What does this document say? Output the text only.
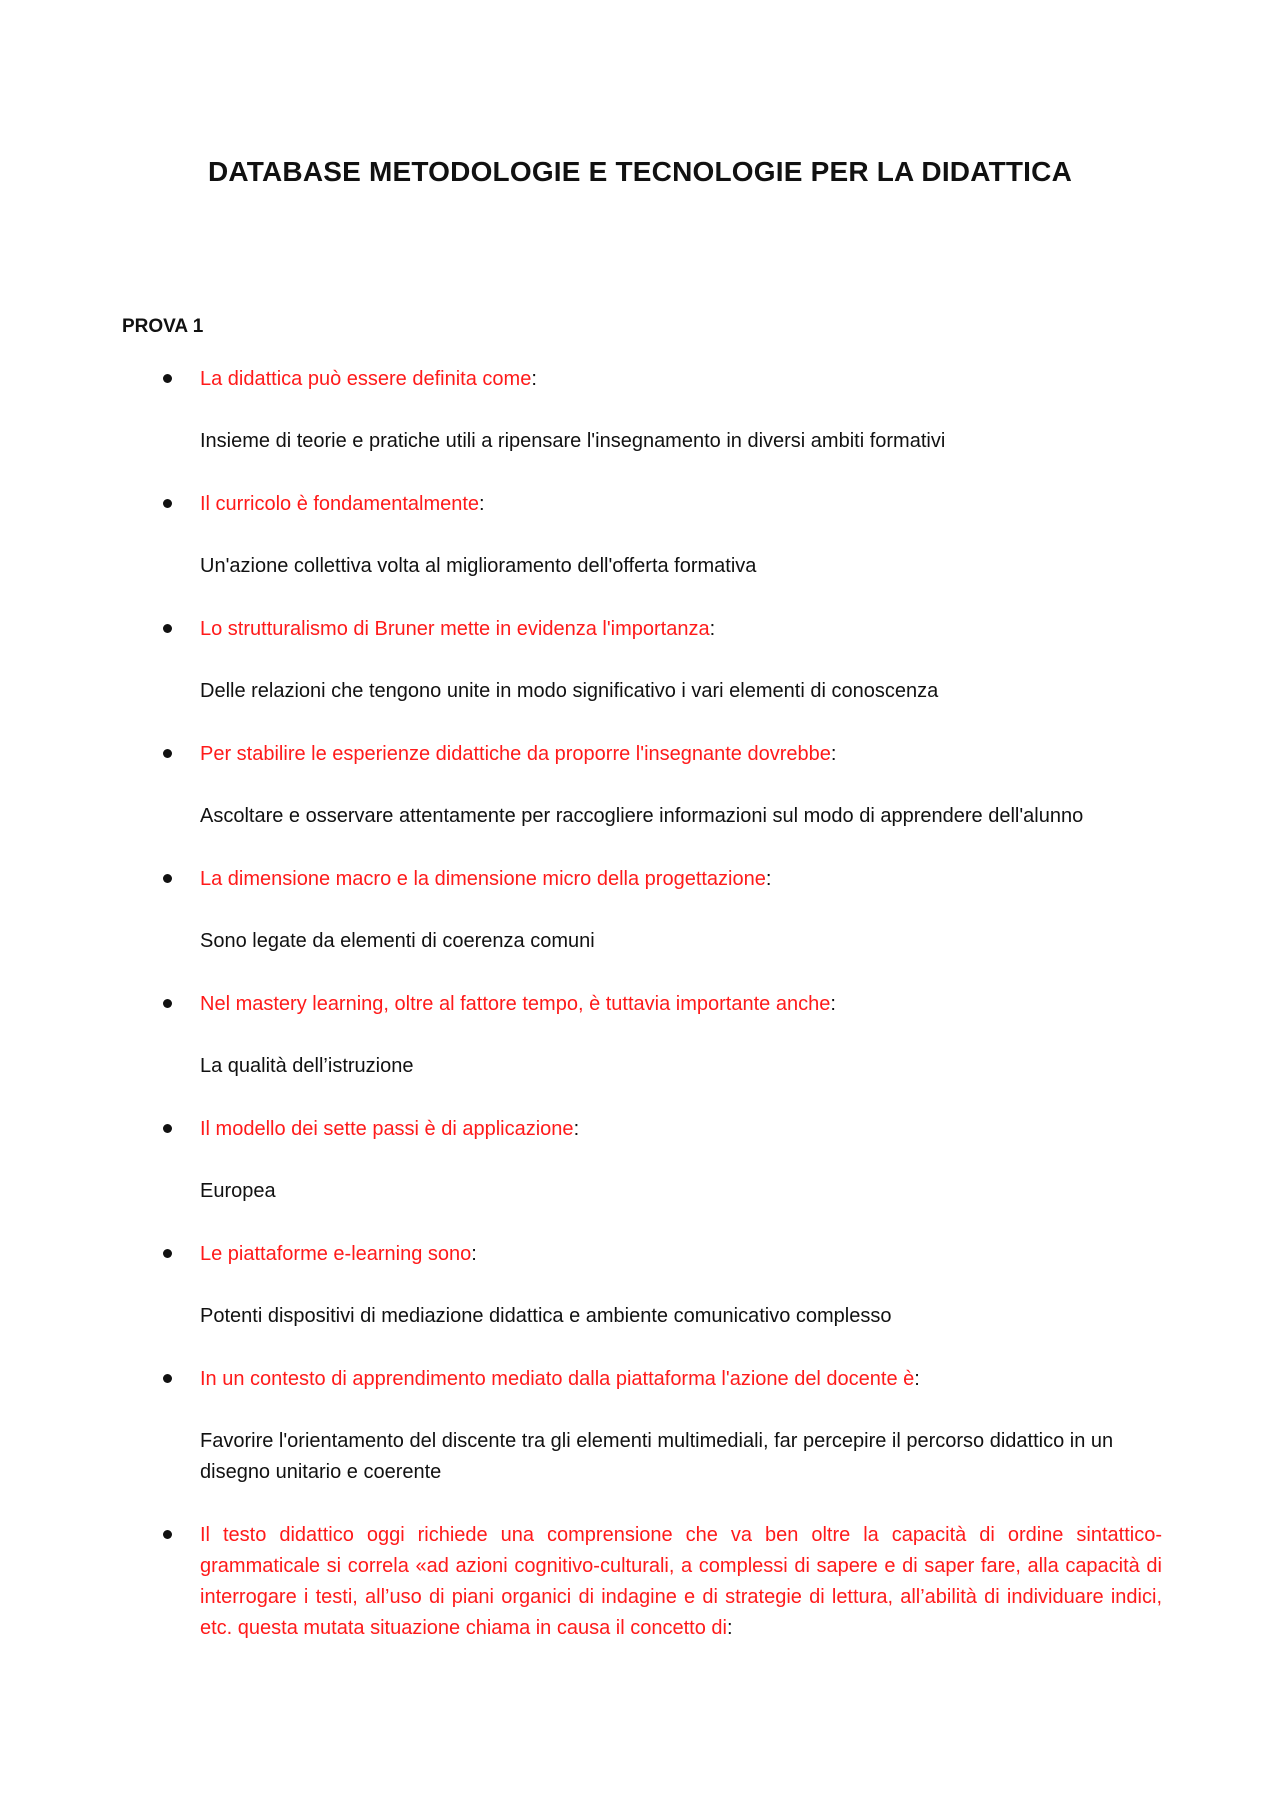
DATABASE METODOLOGIE E TECNOLOGIE PER LA DIDATTICA
PROVA 1

La didattica può essere definita come:

Insieme di teorie e pratiche utili a ripensare l'insegnamento in diversi ambiti formativi

Il curricolo è fondamentalmente:

Un'azione collettiva volta al miglioramento dell'offerta formativa

Lo strutturalismo di Bruner mette in evidenza l'importanza:

Delle relazioni che tengono unite in modo significativo i vari elementi di conoscenza

Per stabilire le esperienze didattiche da proporre l'insegnante dovrebbe:

Ascoltare e osservare attentamente per raccogliere informazioni sul modo di apprendere dell'alunno

La dimensione macro e la dimensione micro della progettazione:

Sono legate da elementi di coerenza comuni

Nel mastery learning, oltre al fattore tempo, è tuttavia importante anche:

La qualità dell’istruzione

Il modello dei sette passi è di applicazione:

Europea

Le piattaforme e-learning sono:

Potenti dispositivi di mediazione didattica e ambiente comunicativo complesso

In un contesto di apprendimento mediato dalla piattaforma l'azione del docente è:

Favorire l'orientamento del discente tra gli elementi multimediali, far percepire il percorso didattico in un disegno unitario e coerente

Il testo didattico oggi richiede una comprensione che va ben oltre la capacità di ordine sintattico-grammaticale si correla «ad azioni cognitivo-culturali, a complessi di sapere e di saper fare, alla capacità di interrogare i testi, all’uso di piani organici di indagine e di strategie di lettura, all’abilità di individuare indici, etc. questa mutata situazione chiama in causa il concetto di:
